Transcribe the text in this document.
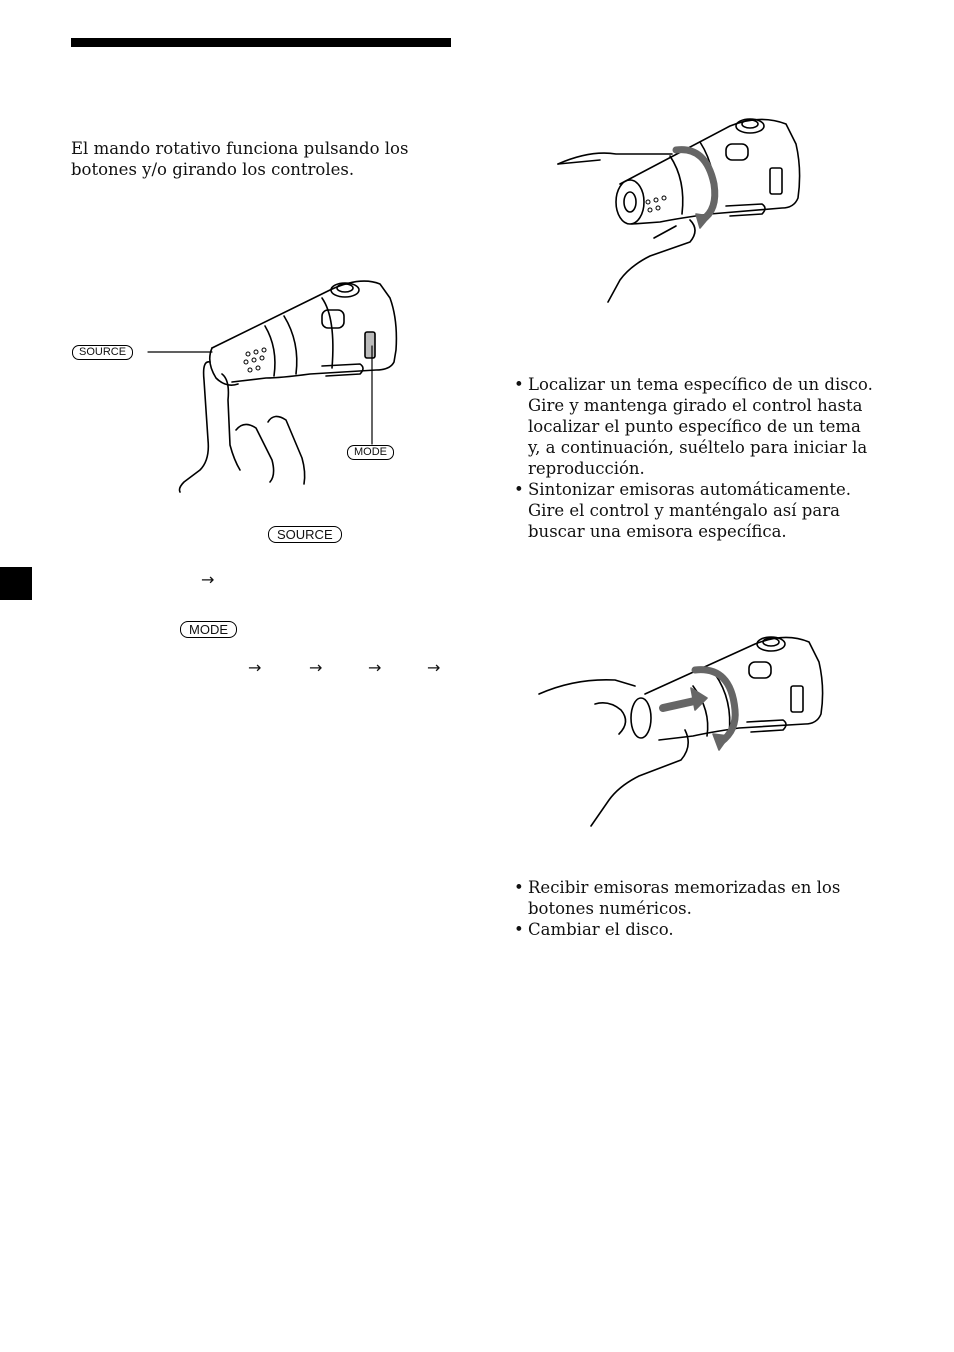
El mando rotativo funciona pulsando los botones y/o girando los controles.

SOURCE
MODE
SOURCE
→
MODE
→	→	→	→
• Localizar un tema específico de un disco. Gire y mantenga girado el control hasta localizar el punto específico de un tema y, a continuación, suéltelo para iniciar la reproducción.
• Sintonizar emisoras automáticamente. Gire el control y manténgalo así para buscar una emisora específica.
• Recibir emisoras memorizadas en los botones numéricos.
• Cambiar el disco.
